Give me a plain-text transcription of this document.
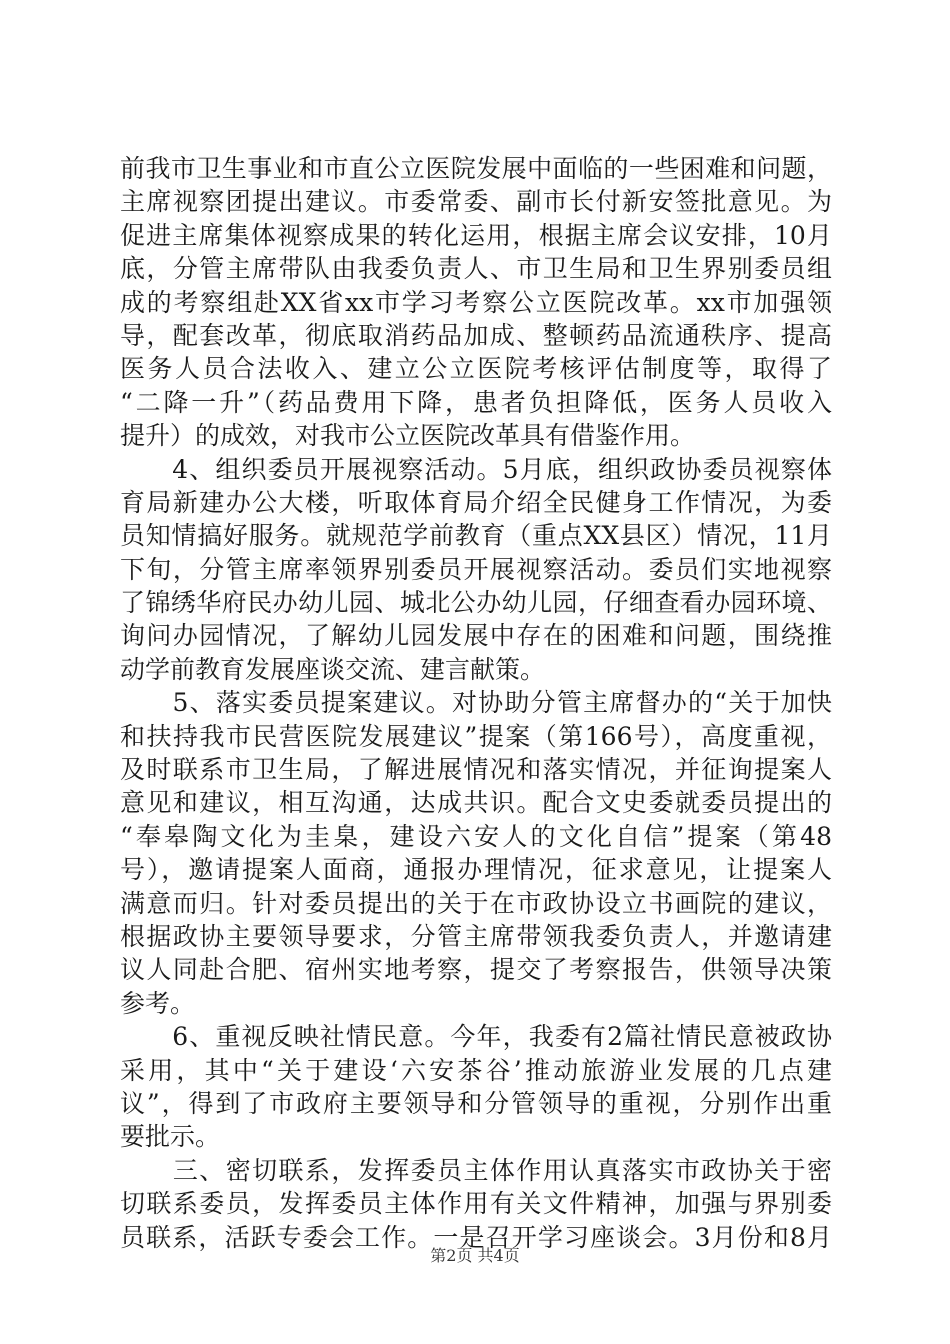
前我市卫生事业和市直公立医院发展中面临的一些困难和问题，
主席视察团提出建议。市委常委、副市长付新安签批意见。为
促进主席集体视察成果的转化运用，根据主席会议安排，10月
底，分管主席带队由我委负责人、市卫生局和卫生界别委员组
成的考察组赴XX省xx市学习考察公立医院改革。xx市加强领
导，配套改革，彻底取消药品加成、整顿药品流通秩序、提高
医务人员合法收入、建立公立医院考核评估制度等，取得了
“二降一升”（药品费用下降，患者负担降低，医务人员收入
提升）的成效，对我市公立医院改革具有借鉴作用。
　　4、组织委员开展视察活动。5月底，组织政协委员视察体
育局新建办公大楼，听取体育局介绍全民健身工作情况，为委
员知情搞好服务。就规范学前教育（重点XX县区）情况，11月
下旬，分管主席率领界别委员开展视察活动。委员们实地视察
了锦绣华府民办幼儿园、城北公办幼儿园，仔细查看办园环境、
询问办园情况，了解幼儿园发展中存在的困难和问题，围绕推
动学前教育发展座谈交流、建言献策。
　　5、落实委员提案建议。对协助分管主席督办的“关于加快
和扶持我市民营医院发展建议”提案（第166号），高度重视，
及时联系市卫生局，了解进展情况和落实情况，并征询提案人
意见和建议，相互沟通，达成共识。配合文史委就委员提出的
“奉皋陶文化为圭臬，建设六安人的文化自信”提案（第48
号），邀请提案人面商，通报办理情况，征求意见，让提案人
满意而归。针对委员提出的关于在市政协设立书画院的建议，
根据政协主要领导要求，分管主席带领我委负责人，并邀请建
议人同赴合肥、宿州实地考察，提交了考察报告，供领导决策
参考。
　　6、重视反映社情民意。今年，我委有2篇社情民意被政协
采用，其中“关于建设‘六安茶谷’推动旅游业发展的几点建
议”，得到了市政府主要领导和分管领导的重视，分别作出重
要批示。
　　三、密切联系，发挥委员主体作用认真落实市政协关于密
切联系委员，发挥委员主体作用有关文件精神，加强与界别委
员联系，活跃专委会工作。一是召开学习座谈会。3月份和8月
第2页 共4页
